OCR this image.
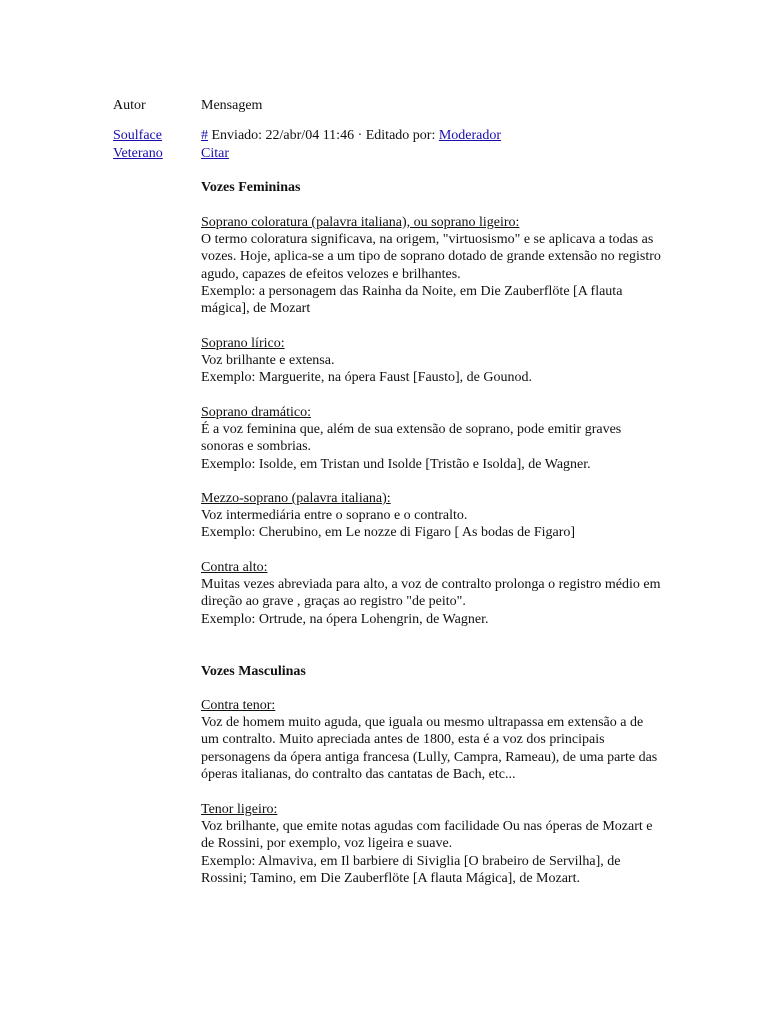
Autor	Mensagem
Soulface
Veterano
# Enviado: 22/abr/04 11:46 · Editado por: Moderador
Citar
Vozes Femininas
Soprano coloratura (palavra italiana), ou soprano ligeiro:
O termo coloratura significava, na origem, "virtuosismo" e se aplicava a todas as
vozes. Hoje, aplica-se a um tipo de soprano dotado de grande extensão no registro
agudo, capazes de efeitos velozes e brilhantes.
Exemplo: a personagem das Rainha da Noite, em Die Zauberflöte [A flauta
mágica], de Mozart
Soprano lírico:
Voz brilhante e extensa.
Exemplo: Marguerite, na ópera Faust [Fausto], de Gounod.
Soprano dramático:
É a voz feminina que, além de sua extensão de soprano, pode emitir graves
sonoras e sombrias.
Exemplo: Isolde, em Tristan und Isolde [Tristão e Isolda], de Wagner.
Mezzo-soprano (palavra italiana):
Voz intermediária entre o soprano e o contralto.
Exemplo: Cherubino, em Le nozze di Figaro [ As bodas de Figaro]
Contra alto:
Muitas vezes abreviada para alto, a voz de contralto prolonga o registro médio em
direção ao grave , graças ao registro "de peito".
Exemplo: Ortrude, na ópera Lohengrin, de Wagner.
Vozes Masculinas
Contra tenor:
Voz de homem muito aguda, que iguala ou mesmo ultrapassa em extensão a de
um contralto. Muito apreciada antes de 1800, esta é a voz dos principais
personagens da ópera antiga francesa (Lully, Campra, Rameau), de uma parte das
óperas italianas, do contralto das cantatas de Bach, etc...
Tenor ligeiro:
Voz brilhante, que emite notas agudas com facilidade Ou nas óperas de Mozart e
de Rossini, por exemplo, voz ligeira e suave.
Exemplo: Almaviva, em Il barbiere di Siviglia [O brabeiro de Servilha], de
Rossini; Tamino, em Die Zauberflöte [A flauta Mágica], de Mozart.
